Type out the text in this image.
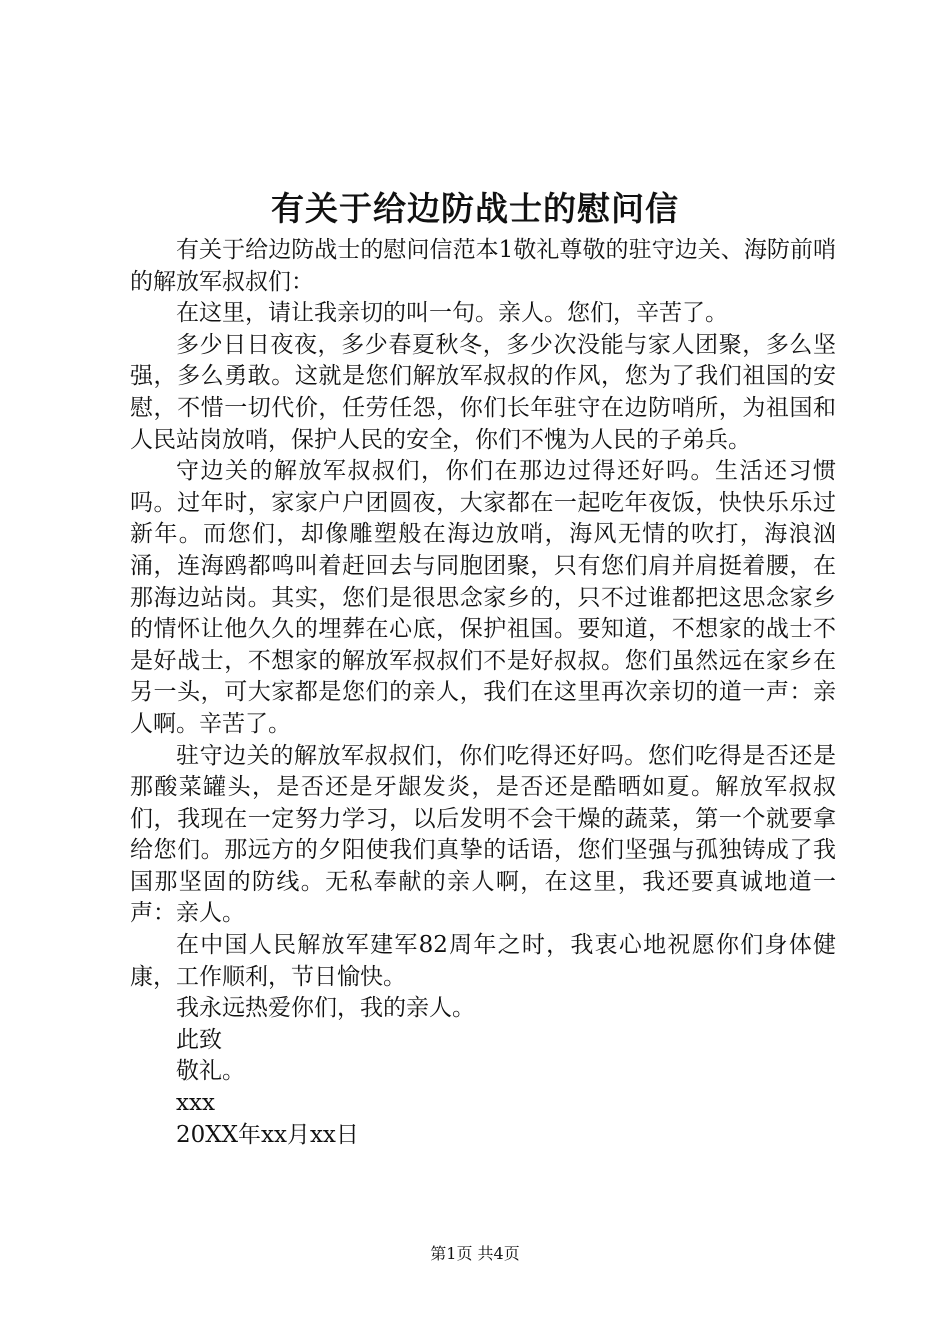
有关于给边防战士的慰问信

有关于给边防战士的慰问信范本1敬礼尊敬的驻守边关、海防前哨的解放军叔叔们：

在这里，请让我亲切的叫一句。亲人。您们，辛苦了。

多少日日夜夜，多少春夏秋冬，多少次没能与家人团聚，多么坚强，多么勇敢。这就是您们解放军叔叔的作风，您为了我们祖国的安慰，不惜一切代价，任劳任怨，你们长年驻守在边防哨所，为祖国和人民站岗放哨，保护人民的安全，你们不愧为人民的子弟兵。

守边关的解放军叔叔们，你们在那边过得还好吗。生活还习惯吗。过年时，家家户户团圆夜，大家都在一起吃年夜饭，快快乐乐过新年。而您们，却像雕塑般在海边放哨，海风无情的吹打，海浪汹涌，连海鸥都鸣叫着赶回去与同胞团聚，只有您们肩并肩挺着腰，在那海边站岗。其实，您们是很思念家乡的，只不过谁都把这思念家乡的情怀让他久久的埋葬在心底，保护祖国。要知道，不想家的战士不是好战士，不想家的解放军叔叔们不是好叔叔。您们虽然远在家乡在另一头，可大家都是您们的亲人，我们在这里再次亲切的道一声：亲人啊。辛苦了。

驻守边关的解放军叔叔们，你们吃得还好吗。您们吃得是否还是那酸菜罐头，是否还是牙龈发炎，是否还是酷晒如夏。解放军叔叔们，我现在一定努力学习，以后发明不会干燥的蔬菜，第一个就要拿给您们。那远方的夕阳使我们真挚的话语，您们坚强与孤独铸成了我国那坚固的防线。无私奉献的亲人啊，在这里，我还要真诚地道一声：亲人。

在中国人民解放军建军82周年之时，我衷心地祝愿你们身体健康，工作顺利，节日愉快。

我永远热爱你们，我的亲人。

此致

敬礼。

xxx

20XX年xx月xx日

第1页 共4页
